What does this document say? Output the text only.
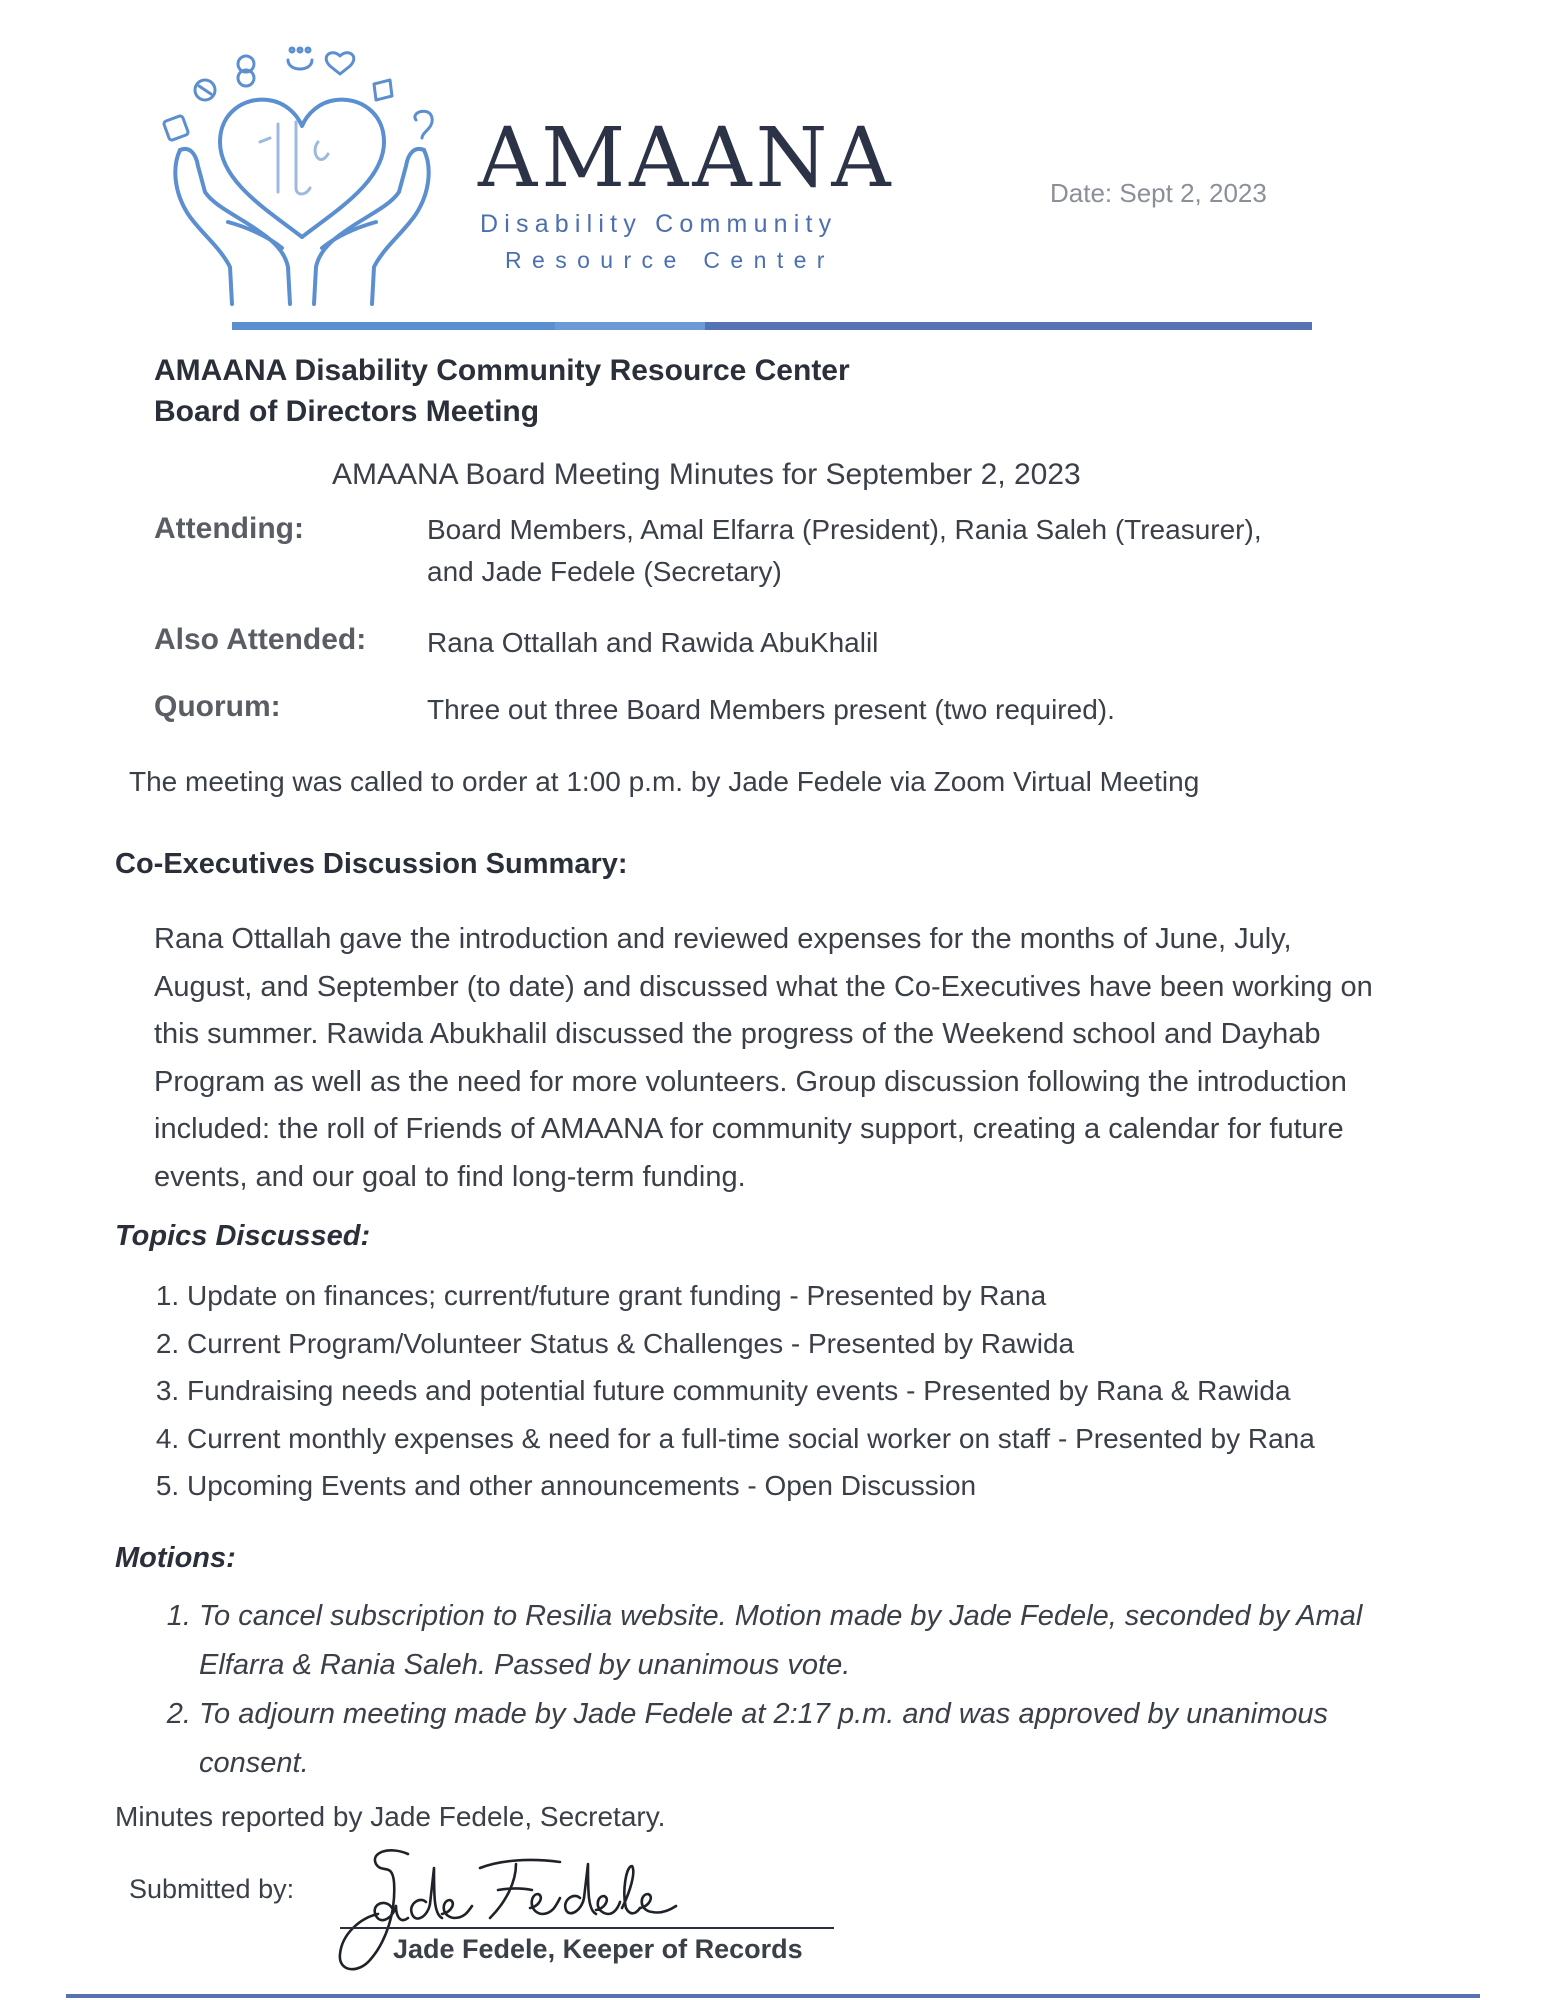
AMAANA
Disability Community
Resource Center
Date: Sept 2, 2023
AMAANA Disability Community Resource Center
Board of Directors Meeting
AMAANA Board Meeting Minutes for September 2, 2023
Attending:	Board Members, Amal Elfarra (President), Rania Saleh (Treasurer),
and Jade Fedele (Secretary)
Also Attended: Rana Ottallah and Rawida AbuKhalil
Quorum:	Three out three Board Members present (two required).
The meeting was called to order at 1:00 p.m. by Jade Fedele via Zoom Virtual Meeting
Co-Executives Discussion Summary:

Rana Ottallah gave the introduction and reviewed expenses for the months of June, July, August, and September (to date) and discussed what the Co-Executives have been working on this summer. Rawida Abukhalil discussed the progress of the Weekend school and Dayhab Program as well as the need for more volunteers. Group discussion following the introduction included: the roll of Friends of AMAANA for community support, creating a calendar for future events, and our goal to find long-term funding.

Topics Discussed:
1. Update on finances; current/future grant funding - Presented by Rana
2. Current Program/Volunteer Status & Challenges - Presented by Rawida
3. Fundraising needs and potential future community events - Presented by Rana & Rawida
4. Current monthly expenses & need for a full-time social worker on staff - Presented by Rana
5. Upcoming Events and other announcements - Open Discussion
Motions:
1. To cancel subscription to Resilia website. Motion made by Jade Fedele, seconded by Amal Elfarra & Rania Saleh. Passed by unanimous vote.
2. To adjourn meeting made by Jade Fedele at 2:17 p.m. and was approved by unanimous consent.
Minutes reported by Jade Fedele, Secretary.
Submitted by:
Jade Fedele, Keeper of Records
